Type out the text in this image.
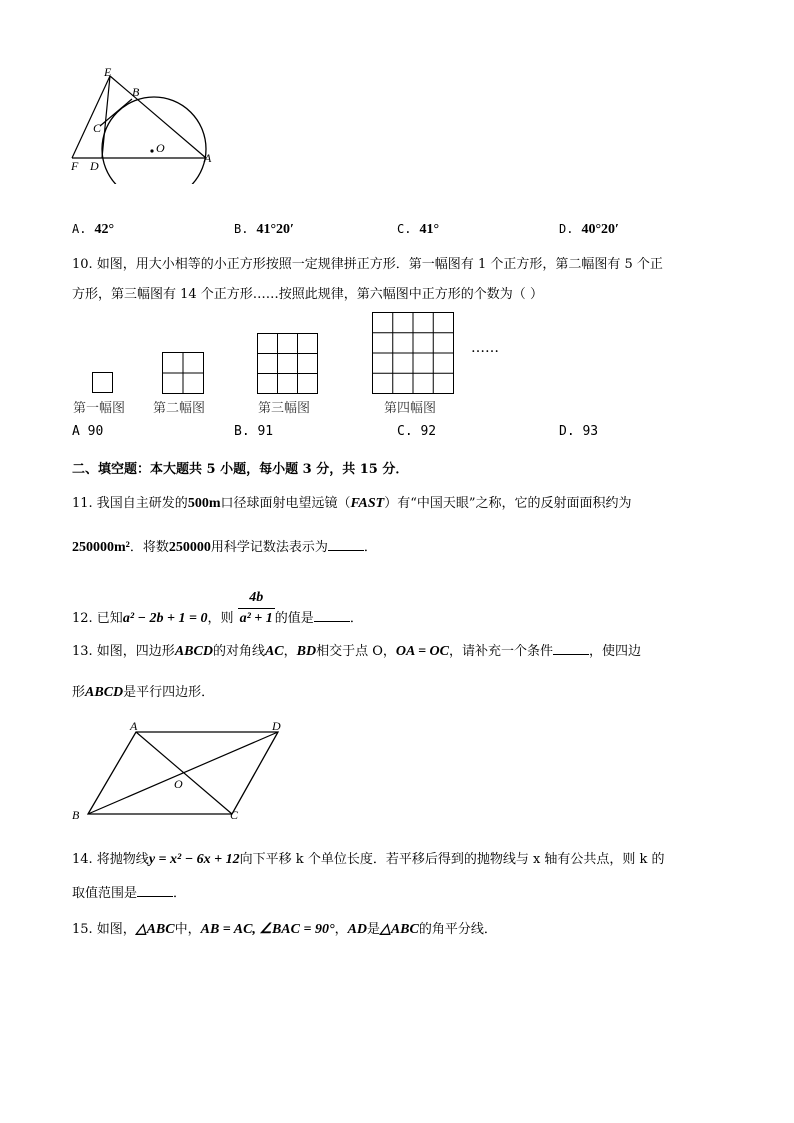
E
B
C
O
F D
A
A. 42°	B. 41°20′	C. 41°	D. 40°20′
10. 如图，用大小相等的小正方形按照一定规律拼正方形．第一幅图有 1 个正方形，第二幅图有 5 个正
方形，第三幅图有 14 个正方形……按照此规律，第六幅图中正方形的个数为（ ）
……
第一幅图 第二幅图	第三幅图	第四幅图
A 90	B. 91	C. 92	D. 93
二、填空题：本大题共 5 小题，每小题 3 分，共 15 分．
11. 我国自主研发的500m口径球面射电望远镜（FAST）有“中国天眼”之称，它的反射面面积约为
250000m²．将数250000用科学记数法表示为	．
12. 已知a² − 2b + 1 = 0，则 $\frac{4b}{\text{a² + 1}}$ 的值是	．
13. 如图，四边形ABCD的对角线AC，BD相交于点 O，OA = OC，请补充一个条件	，使四边
形ABCD是平行四边形．
A	D
O
B	C
14. 将抛物线y = x² − 6x + 12向下平移 k 个单位长度．若平移后得到的抛物线与 x 轴有公共点，则 k 的
取值范围是	．
15. 如图，△ABC中，AB = AC, ∠BAC = 90°，AD是△ABC的角平分线．
